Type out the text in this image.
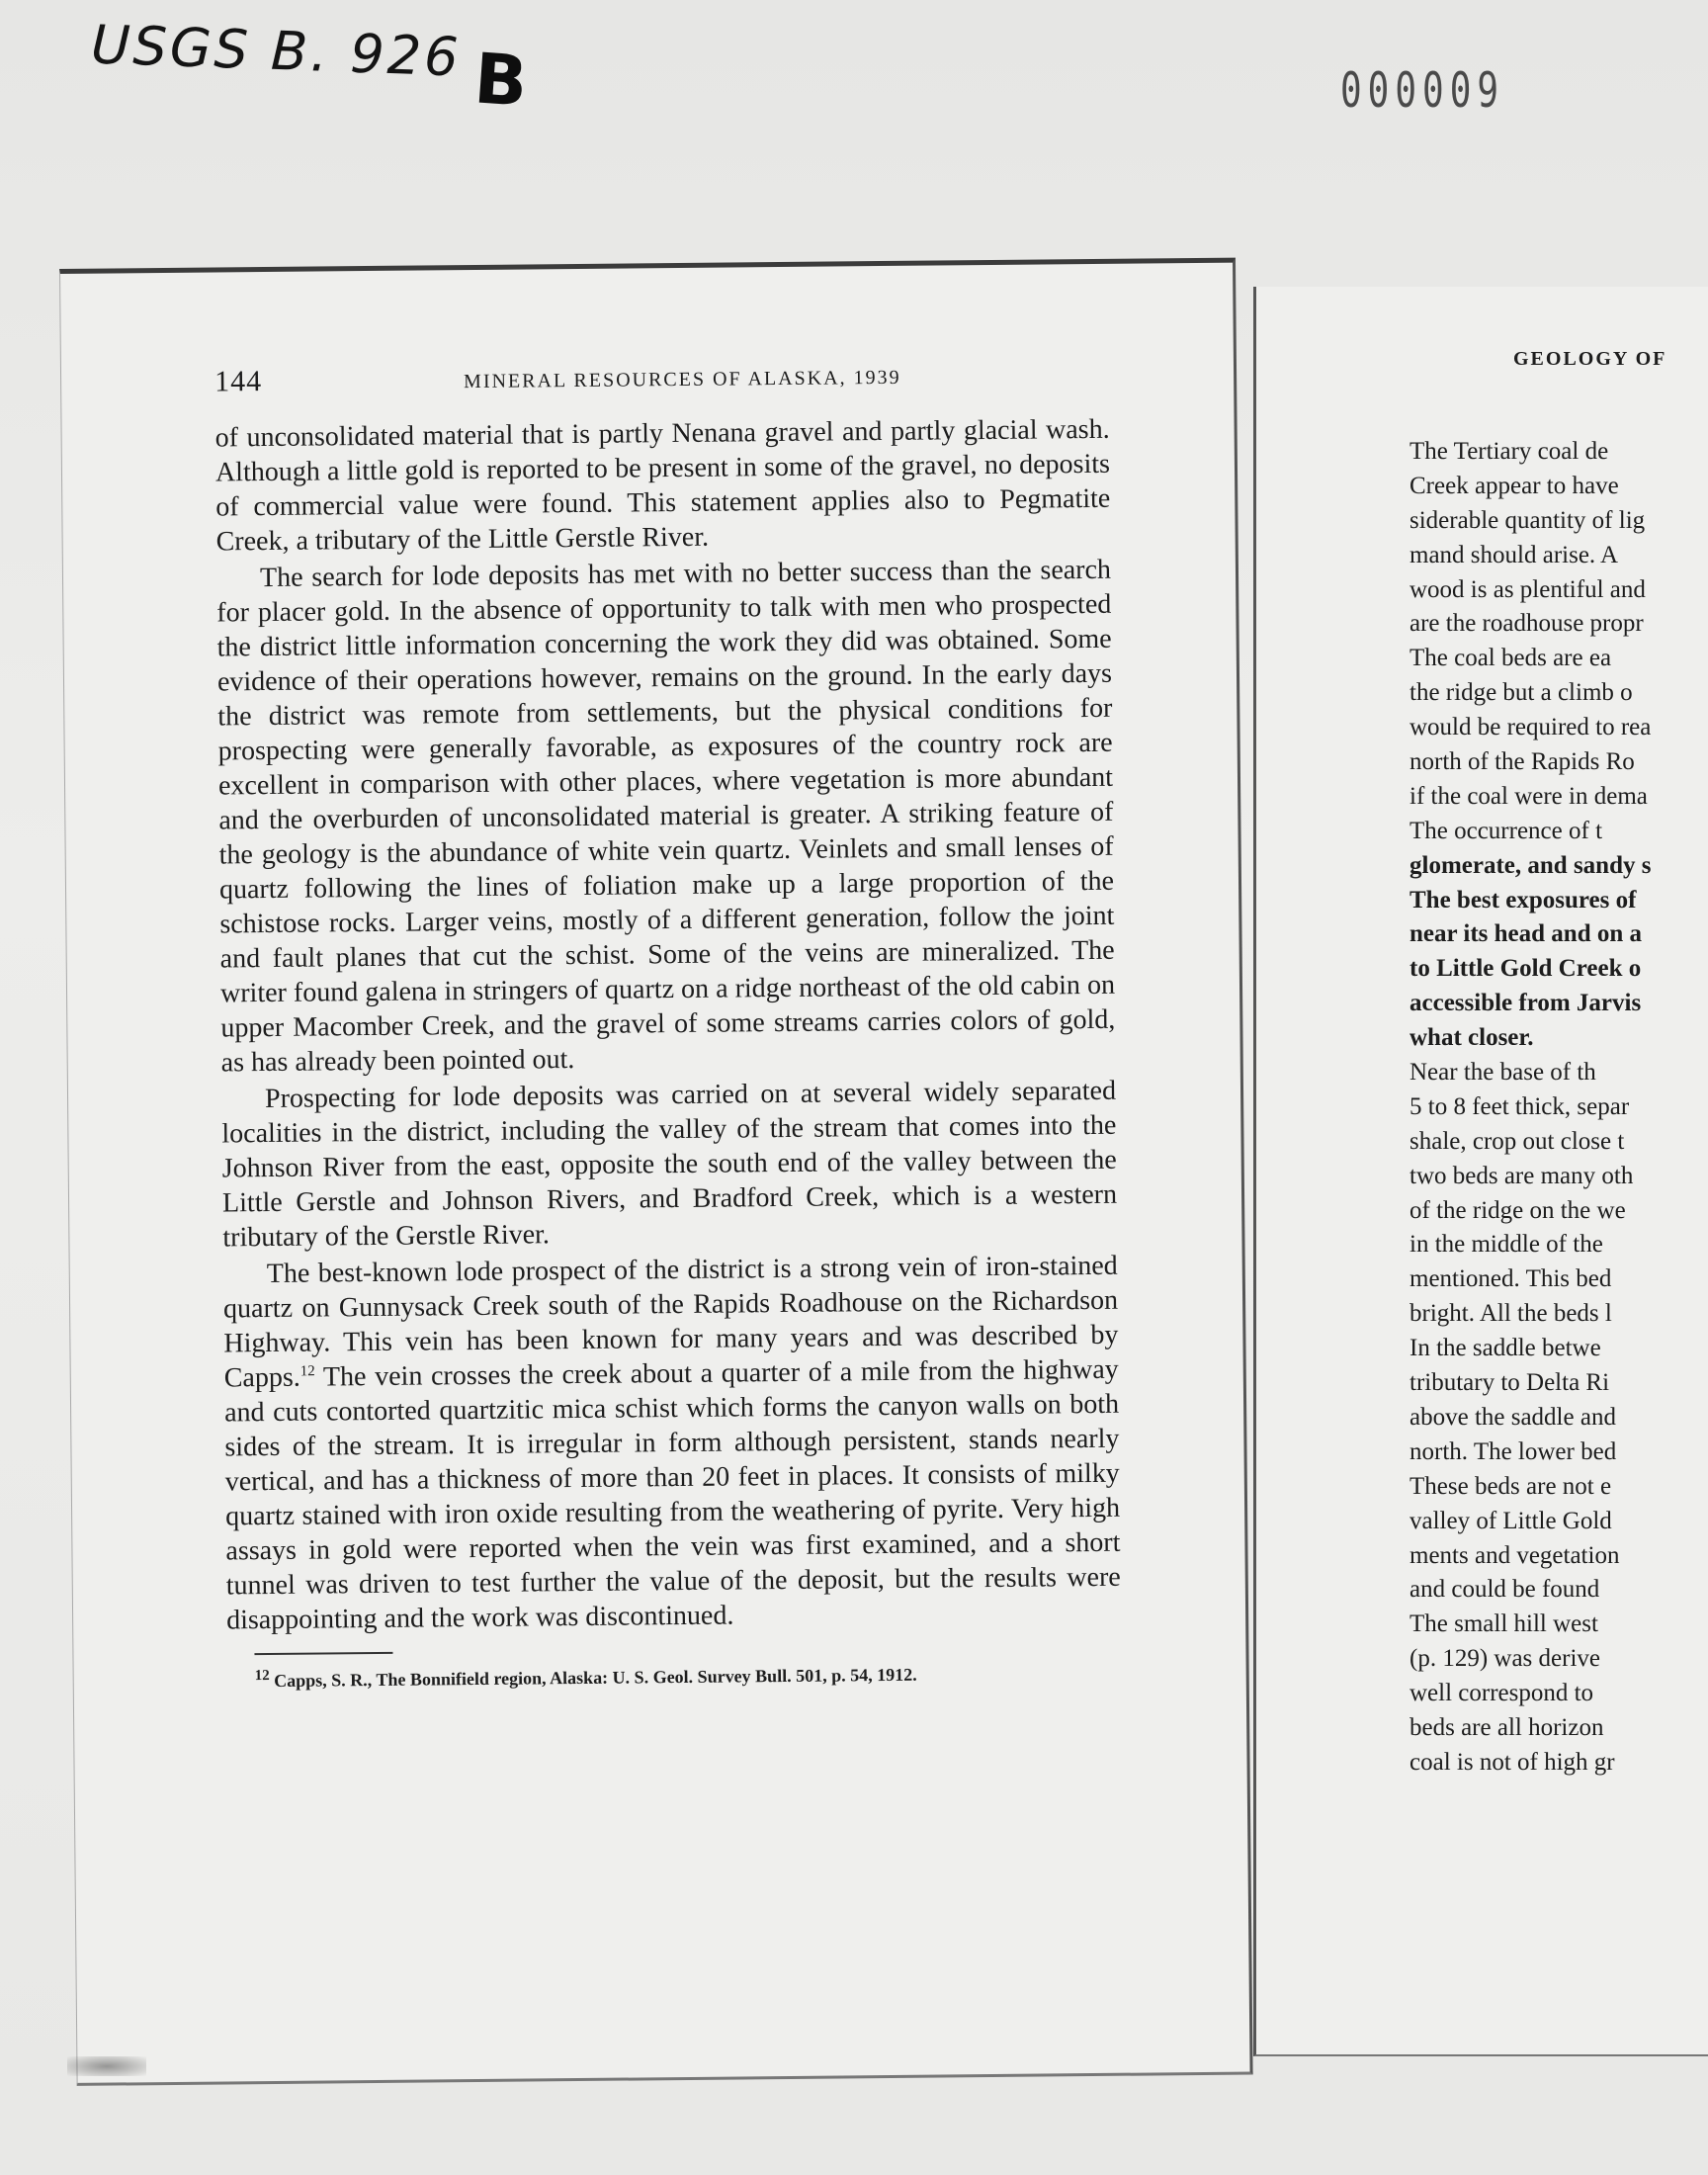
USGS B. 926 B	000009
144	MINERAL RESOURCES OF ALASKA, 1939

of unconsolidated material that is partly Nenana gravel and partly glacial wash. Although a little gold is reported to be present in some of the gravel, no deposits of commercial value were found. This statement applies also to Pegmatite Creek, a tributary of the Little Gerstle River.

The search for lode deposits has met with no better success than the search for placer gold. In the absence of opportunity to talk with men who prospected the district little information concerning the work they did was obtained. Some evidence of their operations however, remains on the ground. In the early days the district was remote from settlements, but the physical conditions for prospecting were generally favorable, as exposures of the country rock are excellent in comparison with other places, where vegetation is more abundant and the overburden of unconsolidated material is greater. A striking feature of the geology is the abundance of white vein quartz. Veinlets and small lenses of quartz following the lines of foliation make up a large proportion of the schistose rocks. Larger veins, mostly of a different generation, follow the joint and fault planes that cut the schist. Some of the veins are mineralized. The writer found galena in stringers of quartz on a ridge northeast of the old cabin on upper Macomber Creek, and the gravel of some streams carries colors of gold, as has already been pointed out.

Prospecting for lode deposits was carried on at several widely separated localities in the district, including the valley of the stream that comes into the Johnson River from the east, opposite the south end of the valley between the Little Gerstle and Johnson Rivers, and Bradford Creek, which is a western tributary of the Gerstle River.

The best-known lode prospect of the district is a strong vein of iron-stained quartz on Gunnysack Creek south of the Rapids Roadhouse on the Richardson Highway. This vein has been known for many years and was described by Capps.$^{12}$ The vein crosses the creek about a quarter of a mile from the highway and cuts contorted quartzitic mica schist which forms the canyon walls on both sides of the stream. It is irregular in form although persistent, stands nearly vertical, and has a thickness of more than 20 feet in places. It consists of milky quartz stained with iron oxide resulting from the weathering of pyrite. Very high assays in gold were reported when the vein was first examined, and a short tunnel was driven to test further the value of the deposit, but the results were disappointing and the work was discontinued.

$^{12}$ Capps, S. R., The Bonnifield region, Alaska: U. S. Geol. Survey Bull. 501, p. 54, 1912.
GEOLOGY OF
The Tertiary coal de
Creek appear to have
siderable quantity of lig
mand should arise. A
wood is as plentiful and
are the roadhouse propr
The coal beds are ea
the ridge but a climb o
would be required to rea
north of the Rapids Ro
if the coal were in dema
The occurrence of t
glomerate, and sandy s
The best exposures of
near its head and on a
to Little Gold Creek o
accessible from Jarvis
what closer.
Near the base of th
5 to 8 feet thick, separ
shale, crop out close t
two beds are many oth
of the ridge on the we
in the middle of the
mentioned. This bed
bright. All the beds l
In the saddle betwe
tributary to Delta Ri
above the saddle and
north. The lower bed
These beds are not e
valley of Little Gold
ments and vegetation
and could be found
The small hill west
(p. 129) was derive
well correspond to
beds are all horizon
coal is not of high gr
